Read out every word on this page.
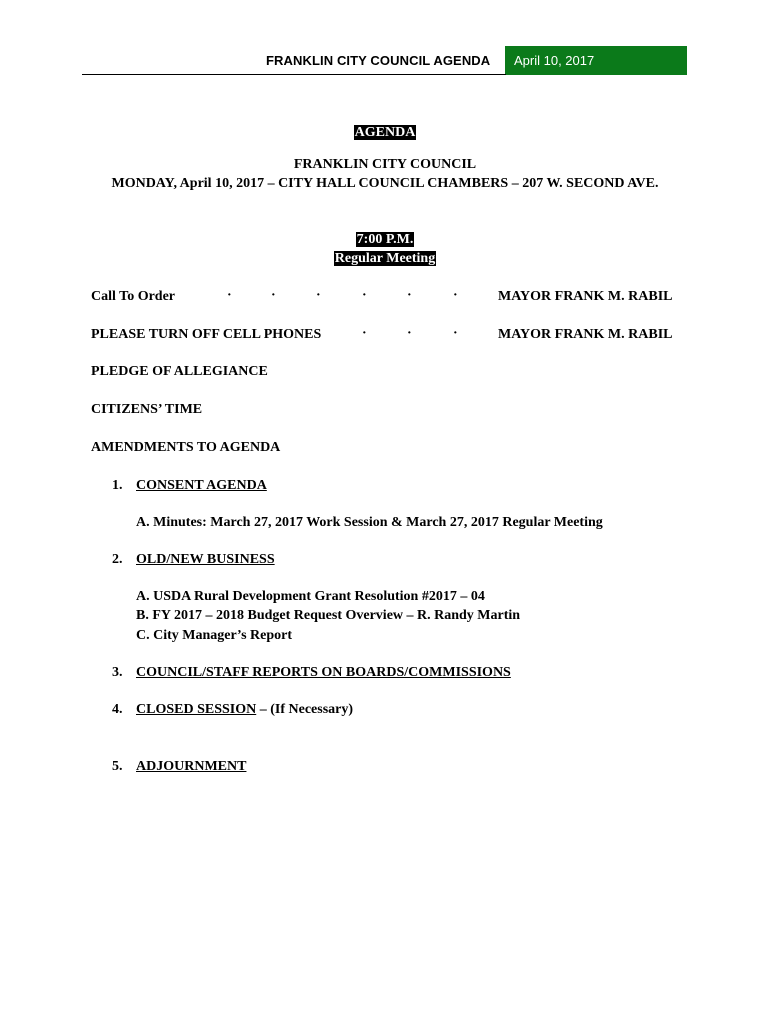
FRANKLIN CITY COUNCIL AGENDA	April 10, 2017
AGENDA
FRANKLIN CITY COUNCIL
MONDAY, April 10, 2017 – CITY HALL COUNCIL CHAMBERS – 207 W. SECOND AVE.
7:00 P.M.
Regular Meeting
Call To Order	·	·	·	·	·	·	MAYOR FRANK M. RABIL
PLEASE TURN OFF CELL PHONES	·	·	·	MAYOR FRANK M. RABIL
PLEDGE OF ALLEGIANCE
CITIZENS’ TIME
AMENDMENTS TO AGENDA
1. CONSENT AGENDA
A. Minutes: March 27, 2017 Work Session & March 27, 2017 Regular Meeting
2. OLD/NEW BUSINESS
A. USDA Rural Development Grant Resolution #2017 – 04
B. FY 2017 – 2018 Budget Request Overview – R. Randy Martin
C. City Manager’s Report
3. COUNCIL/STAFF REPORTS ON BOARDS/COMMISSIONS
4. CLOSED SESSION – (If Necessary)
5. ADJOURNMENT
